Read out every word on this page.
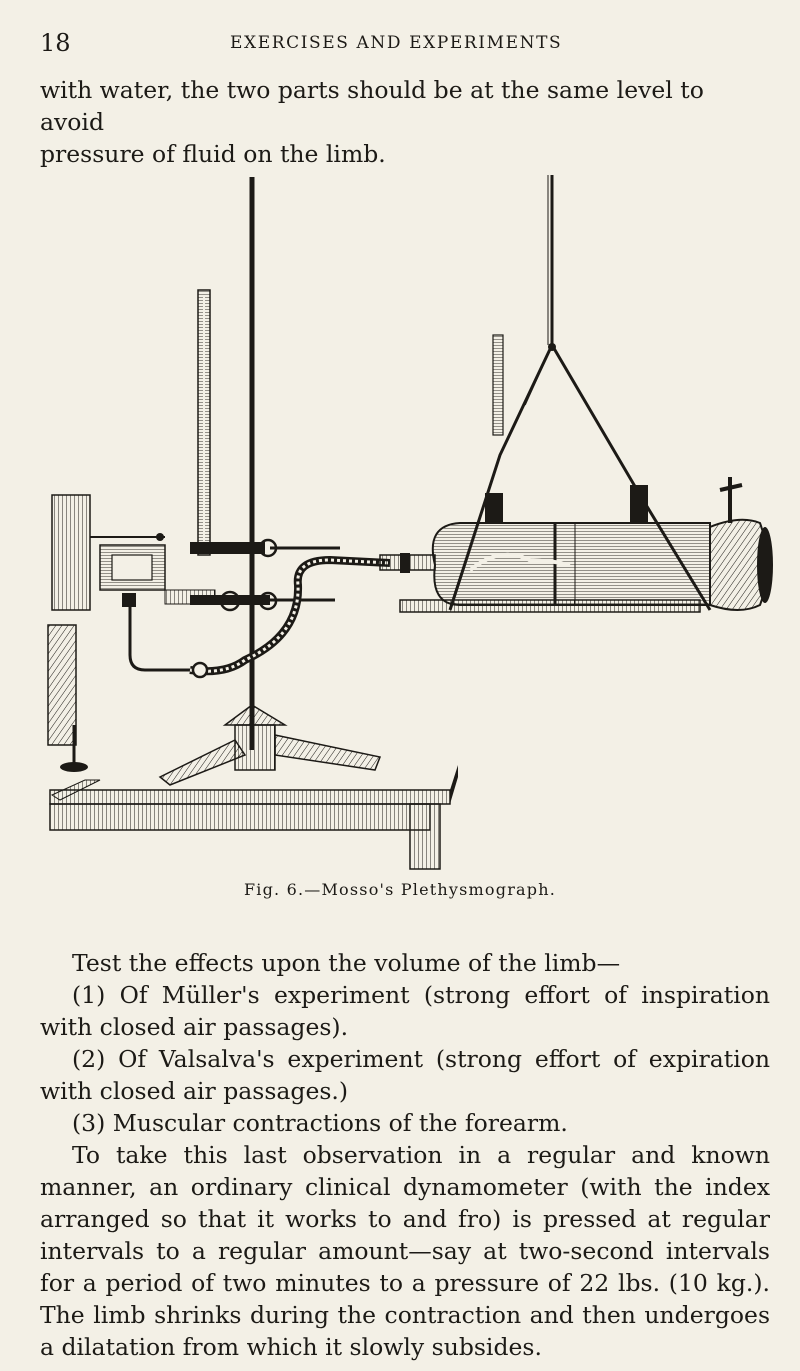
18	EXERCISES AND EXPERIMENTS

with water, the two parts should be at the same level to avoid

pressure of fluid on the limb.

Fig. 6.—Mosso's Plethysmograph.

Test the effects upon the volume of the limb—

(1) Of Müller's experiment (strong effort of inspiration with closed air passages).

(2) Of Valsalva's experiment (strong effort of expiration with closed air passages.)

(3) Muscular contractions of the forearm.

To take this last observation in a regular and known manner, an ordinary clinical dynamometer (with the index arranged so that it works to and fro) is pressed at regular intervals to a regular amount—say at two-second intervals for a period of two minutes to a pressure of 22 lbs. (10 kg.). The limb shrinks during the contraction and then undergoes a dilatation from which it slowly subsides.
